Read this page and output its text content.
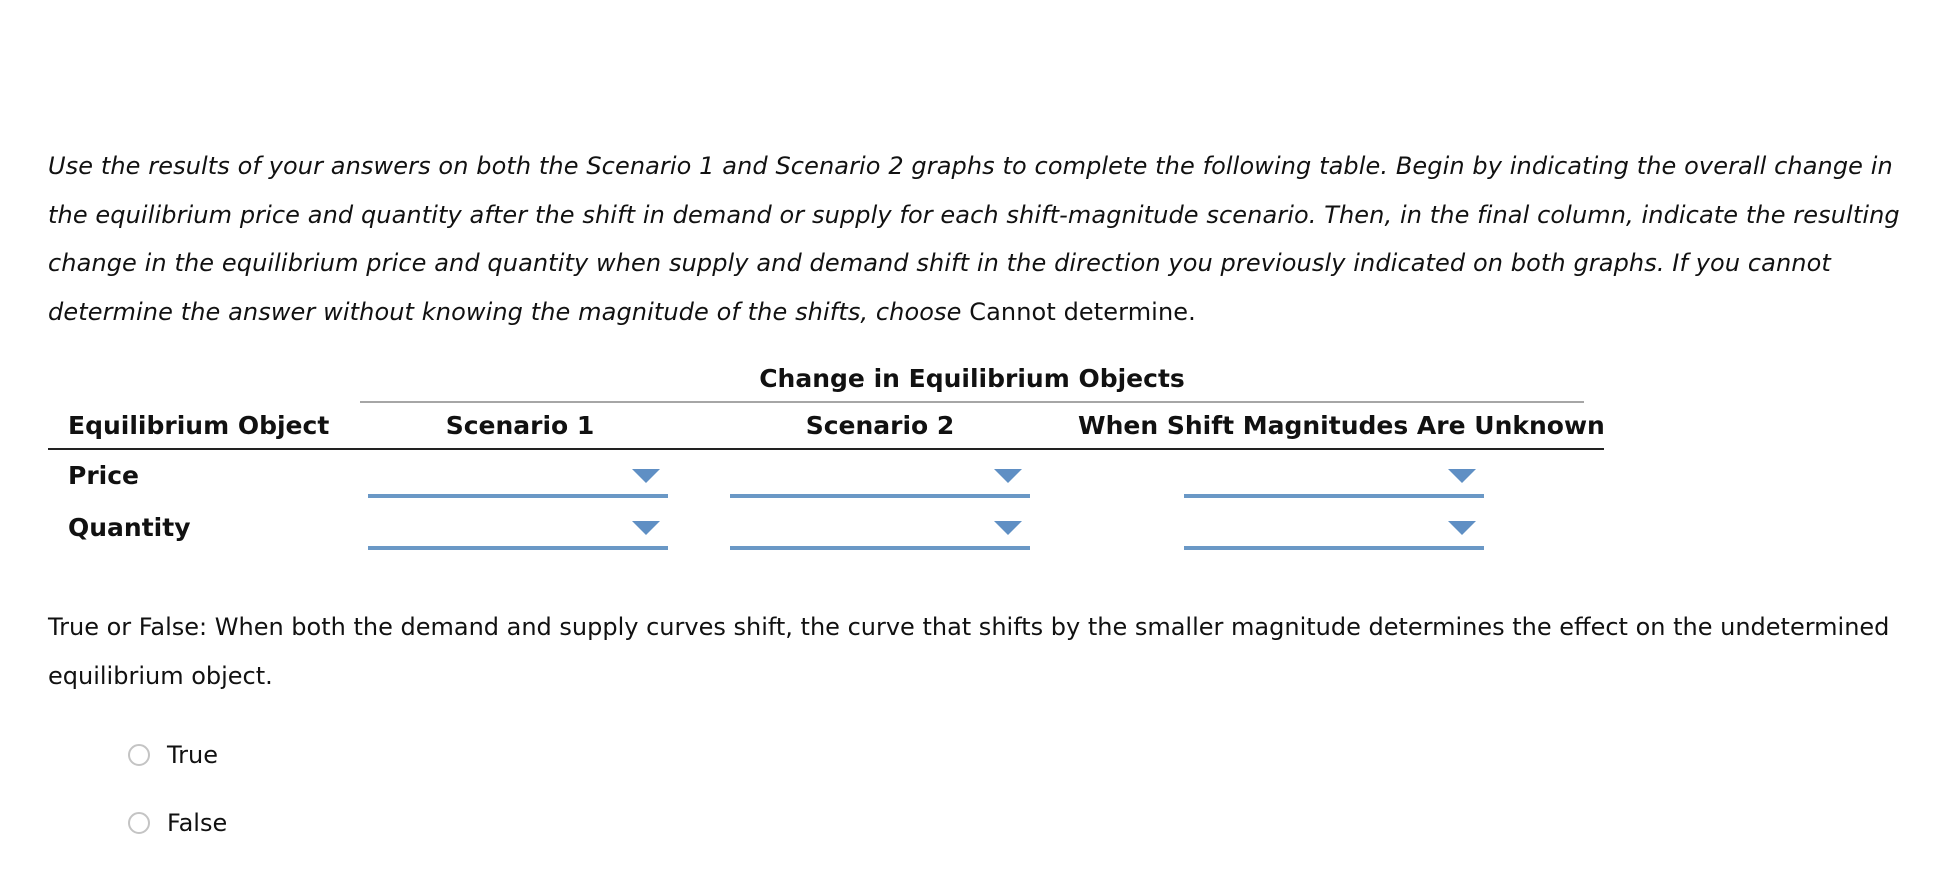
Use the results of your answers on both the Scenario 1 and Scenario 2 graphs to complete the following table. Begin by indicating the overall change in the equilibrium price and quantity after the shift in demand or supply for each shift-magnitude scenario. Then, in the final column, indicate the resulting change in the equilibrium price and quantity when supply and demand shift in the direction you previously indicated on both graphs. If you cannot determine the answer without knowing the magnitude of the shifts, choose Cannot determine.

Change in Equilibrium Objects
Equilibrium Object	Scenario 1	Scenario 2	When Shift Magnitudes Are Unknown
Price
Quantity

True or False: When both the demand and supply curves shift, the curve that shifts by the smaller magnitude determines the effect on the undetermined equilibrium object.

True
False
